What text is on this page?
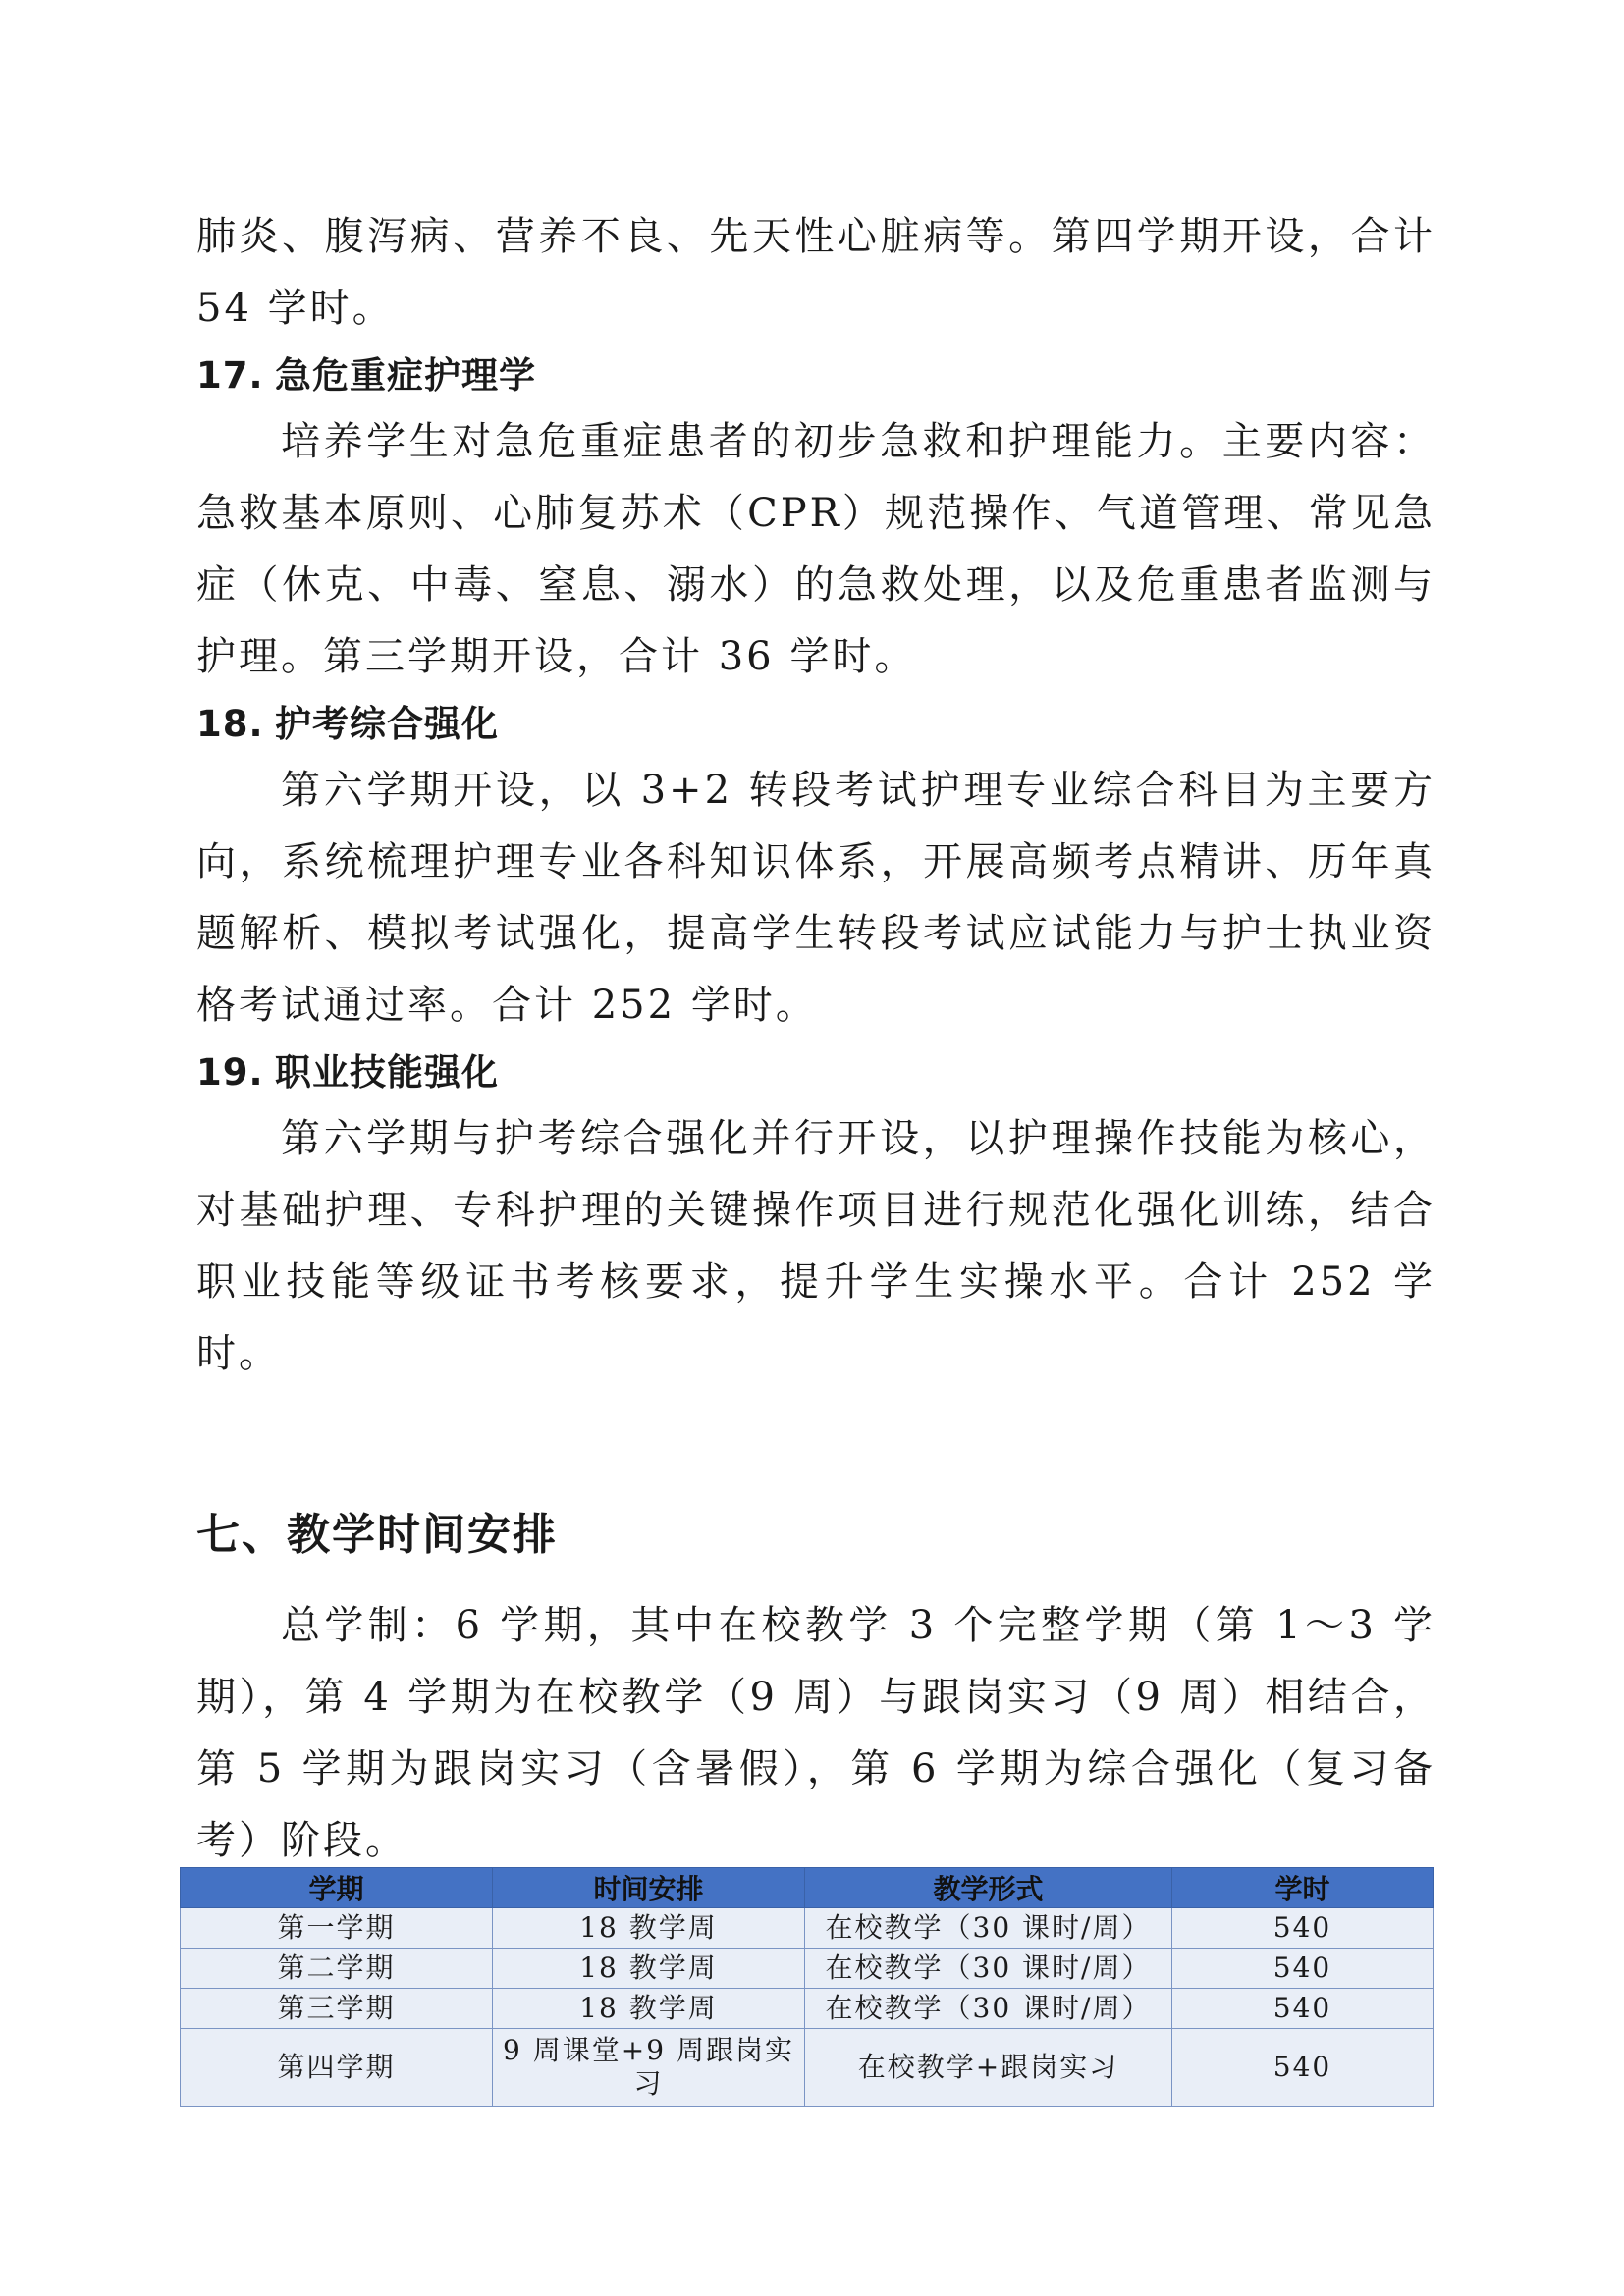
肺炎、腹泻病、营养不良、先天性心脏病等。第四学期开设，合计 54 学时。

17. 急危重症护理学

培养学生对急危重症患者的初步急救和护理能力。主要内容：急救基本原则、心肺复苏术（CPR）规范操作、气道管理、常见急症（休克、中毒、窒息、溺水）的急救处理，以及危重患者监测与护理。第三学期开设，合计 36 学时。

18. 护考综合强化

第六学期开设，以 3+2 转段考试护理专业综合科目为主要方向，系统梳理护理专业各科知识体系，开展高频考点精讲、历年真题解析、模拟考试强化，提高学生转段考试应试能力与护士执业资格考试通过率。合计 252 学时。

19. 职业技能强化

第六学期与护考综合强化并行开设，以护理操作技能为核心，对基础护理、专科护理的关键操作项目进行规范化强化训练，结合职业技能等级证书考核要求，提升学生实操水平。合计 252 学时。

七、教学时间安排

总学制：6 学期，其中在校教学 3 个完整学期（第 1～3 学期），第 4 学期为在校教学（9 周）与跟岗实习（9 周）相结合，第 5 学期为跟岗实习（含暑假），第 6 学期为综合强化（复习备考）阶段。

学期	时间安排	教学形式	学时
第一学期	18 教学周	在校教学（30 课时/周）	540
第二学期	18 教学周	在校教学（30 课时/周）	540
第三学期	18 教学周	在校教学（30 课时/周）	540
第四学期	9 周课堂+9 周跟岗实习	在校教学+跟岗实习	540
